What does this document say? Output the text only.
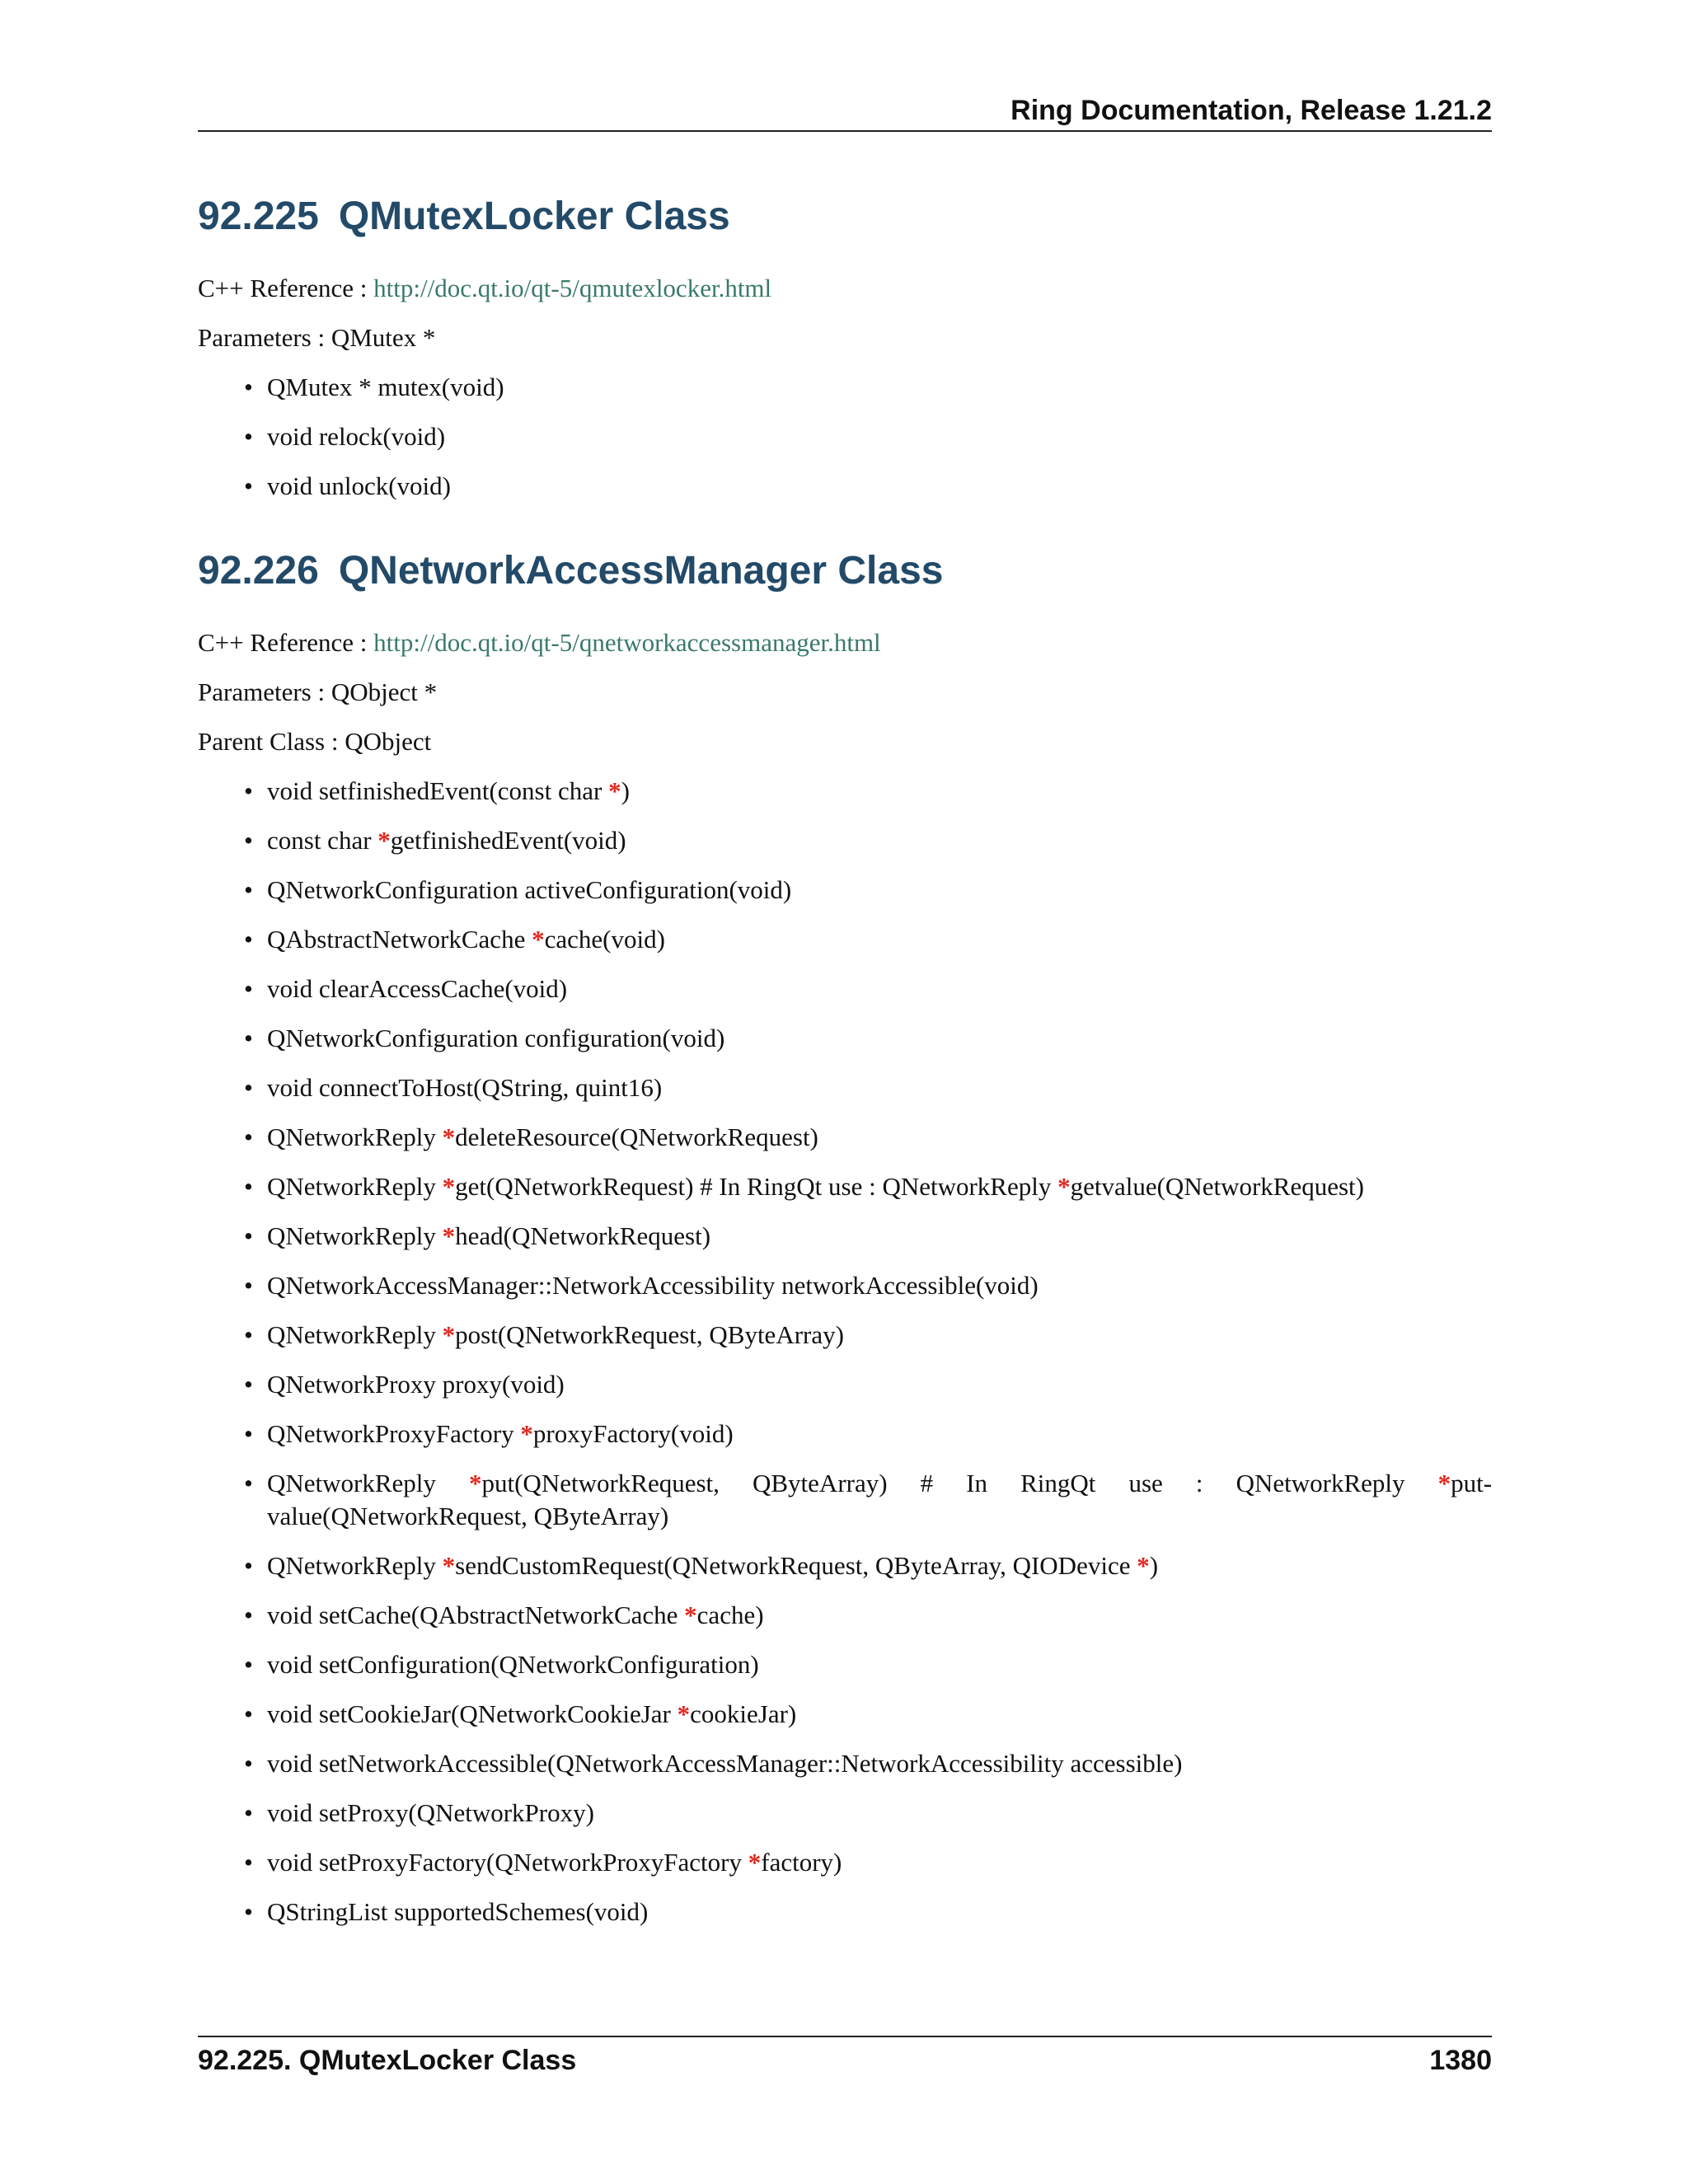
Ring Documentation, Release 1.21.2
92.225 QMutexLocker Class

C++ Reference : http://doc.qt.io/qt-5/qmutexlocker.html

Parameters : QMutex *

• QMutex * mutex(void)
• void relock(void)
• void unlock(void)
92.226 QNetworkAccessManager Class

C++ Reference : http://doc.qt.io/qt-5/qnetworkaccessmanager.html

Parameters : QObject *

Parent Class : QObject

• void setfinishedEvent(const char *)
• const char *getfinishedEvent(void)
• QNetworkConfiguration activeConfiguration(void)
• QAbstractNetworkCache *cache(void)
• void clearAccessCache(void)
• QNetworkConfiguration configuration(void)
• void connectToHost(QString, quint16)
• QNetworkReply *deleteResource(QNetworkRequest)
• QNetworkReply *get(QNetworkRequest) # In RingQt use : QNetworkReply *getvalue(QNetworkRequest)
• QNetworkReply *head(QNetworkRequest)
• QNetworkAccessManager::NetworkAccessibility networkAccessible(void)
• QNetworkReply *post(QNetworkRequest, QByteArray)
• QNetworkProxy proxy(void)
• QNetworkProxyFactory *proxyFactory(void)
• QNetworkReply *put(QNetworkRequest, QByteArray) # In RingQt use : QNetworkReply *put- value(QNetworkRequest, QByteArray)
• QNetworkReply *sendCustomRequest(QNetworkRequest, QByteArray, QIODevice *)
• void setCache(QAbstractNetworkCache *cache)
• void setConfiguration(QNetworkConfiguration)
• void setCookieJar(QNetworkCookieJar *cookieJar)
• void setNetworkAccessible(QNetworkAccessManager::NetworkAccessibility accessible)
• void setProxy(QNetworkProxy)
• void setProxyFactory(QNetworkProxyFactory *factory)
• QStringList supportedSchemes(void)
92.225. QMutexLocker Class	1380
